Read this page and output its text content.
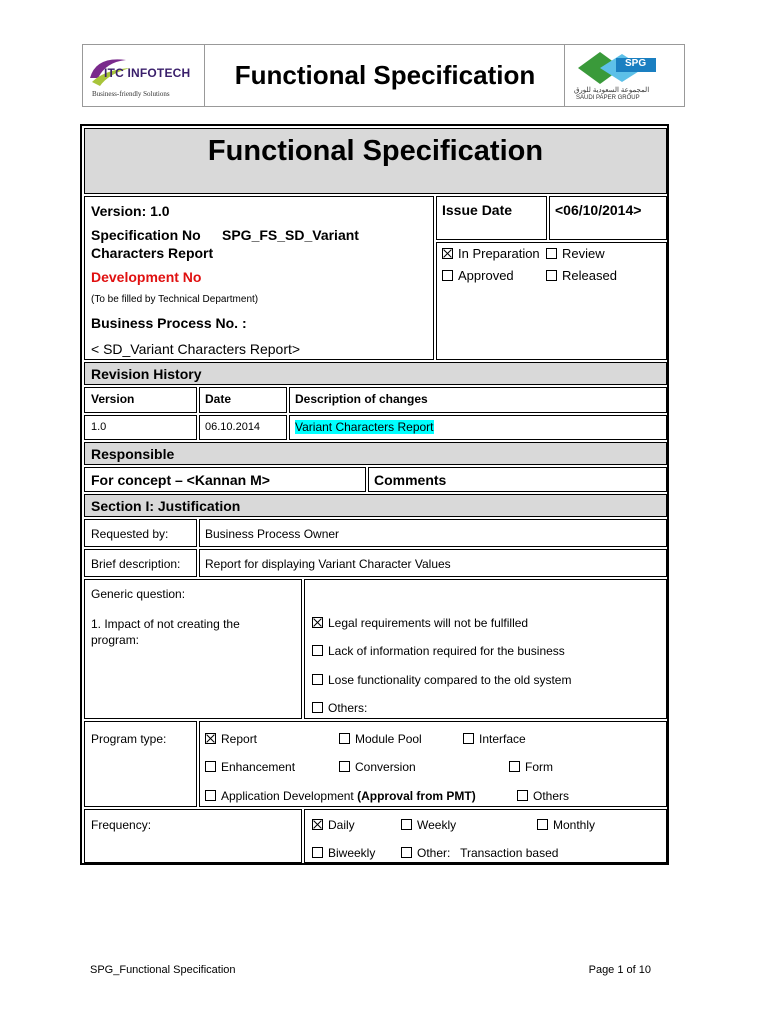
ITC INFOTECH
Business-friendly Solutions
Functional Specification	SPG
المجموعة السعودية للورق
SAUDI PAPER GROUP
Functional Specification
Version: 1.0
Specification No SPG_FS_SD_Variant
Characters Report
Development No
(To be filled by Technical Department)
Business Process No. :
< SD_Variant Characters Report>
Issue Date	<06/10/2014>
In Preparation	Review
Approved	Released
Revision History
Version	Date	Description of changes
1.0	06.10.2014	Variant Characters Report
Responsible
For concept – <Kannan M>	Comments
Section I: Justification
Requested by:	Business Process Owner
Brief description: Report for displaying Variant Character Values
Generic question:
1. Impact of not creating the program:
Legal requirements will not be fulfilled
Lack of information required for the business
Lose functionality compared to the old system
Others:
Program type:	Report	Module Pool	Interface
Enhancement	Conversion	Form
Application Development (Approval from PMT)	Others
Frequency:	Daily	Weekly	Monthly
Biweekly	Other:   Transaction based
SPG_Functional Specification	Page 1 of 10
